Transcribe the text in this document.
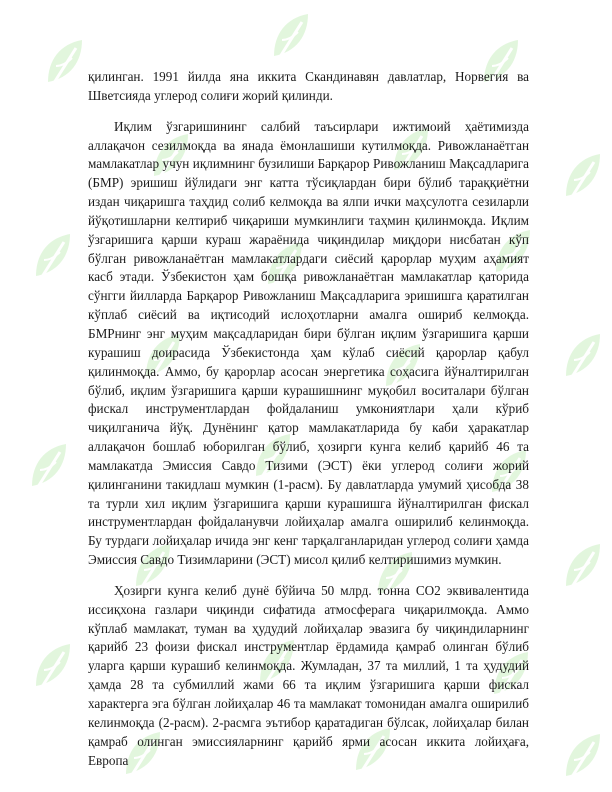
қилинган. 1991 йилда яна иккита Скандинавян давлатлар, Норвегия ва Шветсияда углерод солиғи жорий қилинди.

Иқлим ўзгаришининг салбий таъсирлари ижтимоий ҳаётимизда аллақачон сезилмоқда ва янада ёмонлашиши кутилмоқда. Ривожланаётган мамлакатлар учун иқлимнинг бузилиши Барқарор Ривожланиш Мақсадларига (БМР) эришиш йўлидаги энг катта тўсиқлардан бири бўлиб тараққиётни издан чиқаришга таҳдид солиб келмоқда ва ялпи ички маҳсулотга сезиларли йўқотишларни келтириб чиқариши мумкинлиги таҳмин қилинмоқда. Иқлим ўзгаришига қарши кураш жараёнида чиқиндилар миқдори нисбатан кўп бўлган ривожланаётган мамлакатлардаги сиёсий қарорлар муҳим аҳамият касб этади. Ўзбекистон ҳам бошқа ривожланаётган мамлакатлар қаторида сўнгги йилларда Барқарор Ривожланиш Мақсадларига эришишга қаратилган кўплаб сиёсий ва иқтисодий ислоҳотларни амалга ошириб келмоқда. БМРнинг энг муҳим мақсадларидан бири бўлган иқлим ўзгаришига қарши курашиш доирасида Ўзбекистонда ҳам кўлаб сиёсий қарорлар қабул қилинмоқда. Аммо, бу қарорлар асосан энергетика соҳасига йўналтирилган бўлиб, иқлим ўзгаришига қарши курашишнинг муқобил воситалари бўлган фискал инструментлардан фойдаланиш умкониятлари ҳали кўриб чиқилганича йўқ. Дунёнинг қатор мамлакатларида бу каби ҳаракатлар аллақачон бошлаб юборилган бўлиб, ҳозирги кунга келиб қарийб 46 та мамлакатда Эмиссия Савдо Тизими (ЭСТ) ёки углерод солиғи жорий қилинганини такидлаш мумкин (1-расм). Бу давлатларда умумий ҳисобда 38 та турли хил иқлим ўзгаришига қарши курашишга йўналтирилган фискал инструментлардан фойдаланувчи лойиҳалар амалга оширилиб келинмоқда. Бу турдаги лойиҳалар ичида энг кенг тарқалганларидан углерод солиғи ҳамда Эмиссия Савдо Тизимларини (ЭСТ) мисол қилиб келтиришимиз мумкин.

Ҳозирги кунга келиб дунё бўйича 50 млрд. тонна CO2 эквивалентида иссиқхона газлари чиқинди сифатида атмосферага чиқарилмоқда. Аммо кўплаб мамлакат, туман ва ҳудудий лойиҳалар эвазига бу чиқиндиларнинг қарийб 23 фоизи фискал инструментлар ёрдамида қамраб олинган бўлиб уларга қарши курашиб келинмоқда. Жумладан, 37 та миллий, 1 та ҳудудий ҳамда 28 та субмиллий жами 66 та иқлим ўзгаришига қарши фискал характерга эга бўлган лойиҳалар 46 та мамлакат томонидан амалга оширилиб келинмоқда (2-расм). 2-расмга эътибор қаратадиган бўлсак, лойиҳалар билан қамраб олинган эмиссияларнинг қарийб ярми асосан иккита лойиҳаға, Европа
